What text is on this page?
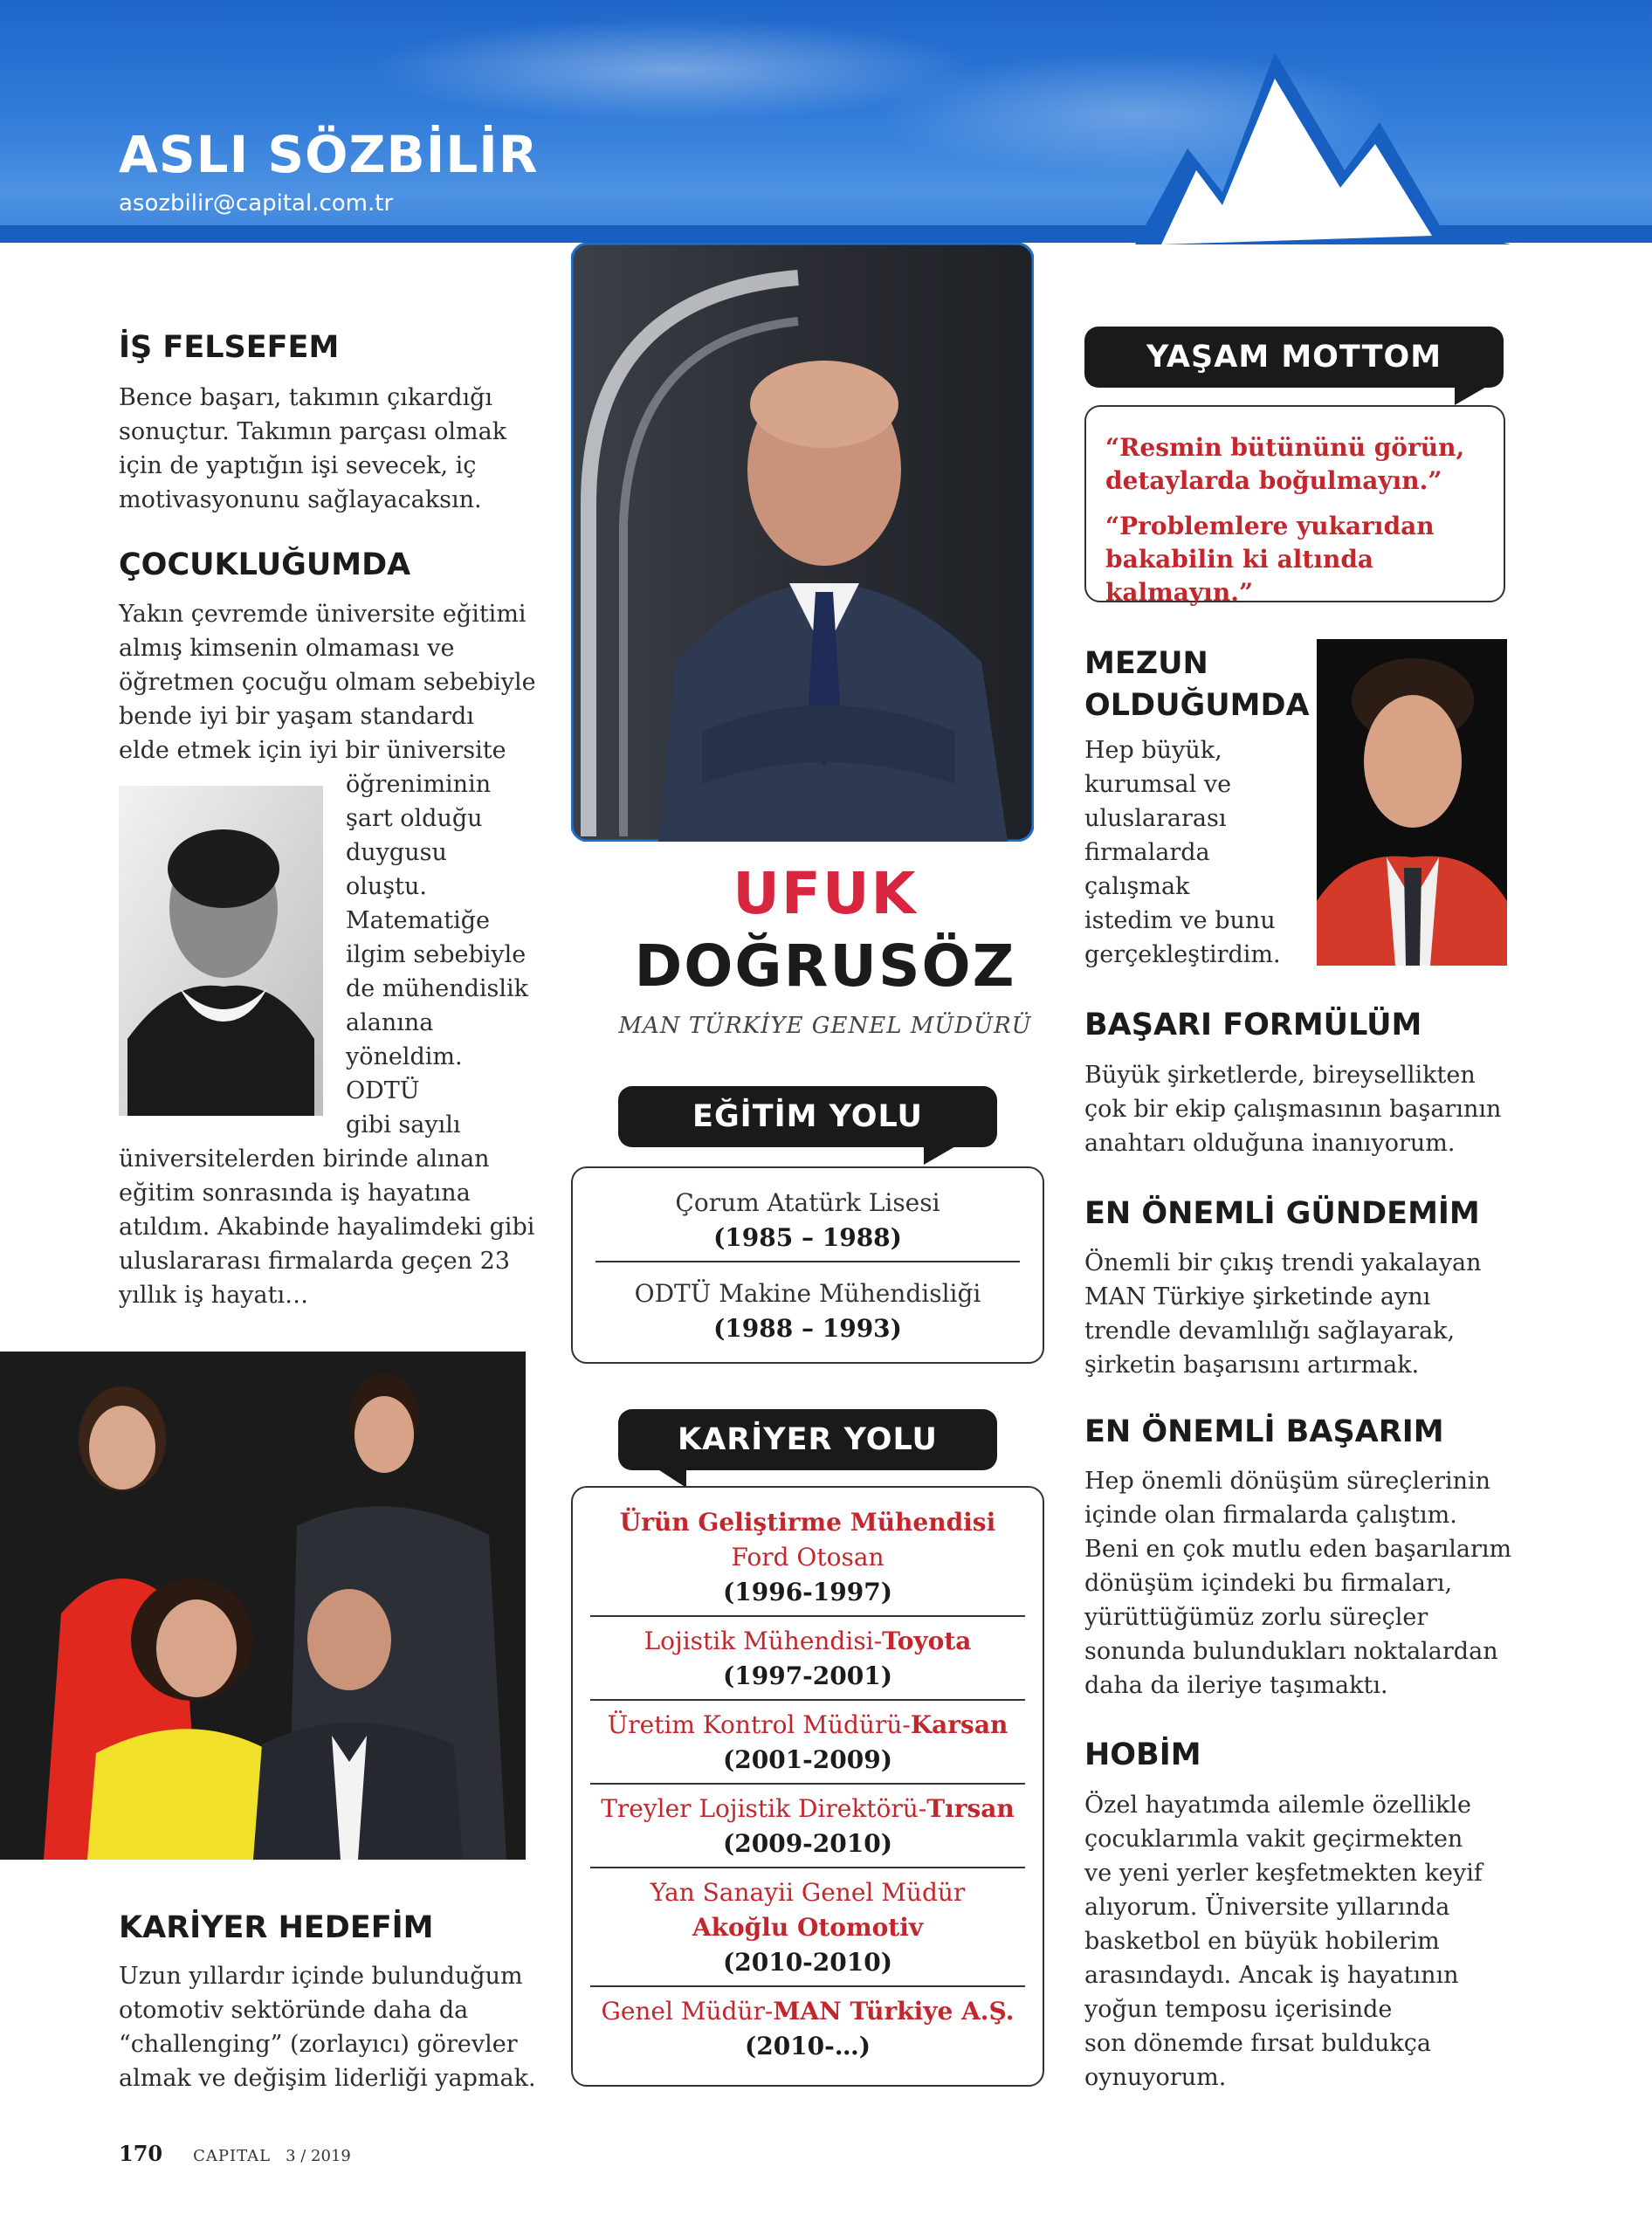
ASLI SÖZBİLİR
asozbilir@capital.com.tr
İŞ FELSEFEM
Bence başarı, takımın çıkardığı
sonuçtur. Takımın parçası olmak
için de yaptığın işi sevecek, iç
motivasyonunu sağlayacaksın.
ÇOCUKLUĞUMDA
Yakın çevremde üniversite eğitimi
almış kimsenin olmaması ve
öğretmen çocuğu olmam sebebiyle
bende iyi bir yaşam standardı
elde etmek için iyi bir üniversite
öğreniminin
şart olduğu
duygusu
oluştu.
Matematiğe
ilgim sebebiyle
de mühendislik
alanına
yöneldim.
ODTÜ
gibi sayılı
üniversitelerden birinde alınan
eğitim sonrasında iş hayatına
atıldım. Akabinde hayalimdeki gibi
uluslararası firmalarda geçen 23
yıllık iş hayatı…
KARİYER HEDEFİM
Uzun yıllardır içinde bulunduğum
otomotiv sektöründe daha da
“challenging” (zorlayıcı) görevler
almak ve değişim liderliği yapmak.
UFUK
DOĞRUSÖZ
MAN TÜRKİYE GENEL MÜDÜRÜ
EĞİTİM YOLU
Çorum Atatürk Lisesi
(1985 – 1988)
ODTÜ Makine Mühendisliği
(1988 – 1993)
KARİYER YOLU
Ürün Geliştirme Mühendisi
Ford Otosan
(1996-1997)
Lojistik Mühendisi-Toyota
(1997-2001)
Üretim Kontrol Müdürü-Karsan
(2001-2009)
Treyler Lojistik Direktörü-Tırsan
(2009-2010)
Yan Sanayii Genel Müdür
Akoğlu Otomotiv
(2010-2010)
Genel Müdür-MAN Türkiye A.Ş.
(2010-…)
YAŞAM MOTTOM
“Resmin bütününü görün,
detaylarda boğulmayın.”
“Problemlere yukarıdan
bakabilin ki altında kalmayın.”
MEZUN
OLDUĞUMDA
Hep büyük,
kurumsal ve
uluslararası
firmalarda
çalışmak
istedim ve bunu
gerçekleştirdim.
BAŞARI FORMÜLÜM
Büyük şirketlerde, bireysellikten
çok bir ekip çalışmasının başarının
anahtarı olduğuna inanıyorum.
EN ÖNEMLİ GÜNDEMİM
Önemli bir çıkış trendi yakalayan
MAN Türkiye şirketinde aynı
trendle devamlılığı sağlayarak,
şirketin başarısını artırmak.
EN ÖNEMLİ BAŞARIM
Hep önemli dönüşüm süreçlerinin
içinde olan firmalarda çalıştım.
Beni en çok mutlu eden başarılarım
dönüşüm içindeki bu firmaları,
yürüttüğümüz zorlu süreçler
sonunda bulundukları noktalardan
daha da ileriye taşımaktı.
HOBİM
Özel hayatımda ailemle özellikle
çocuklarımla vakit geçirmekten
ve yeni yerler keşfetmekten keyif
alıyorum. Üniversite yıllarında
basketbol en büyük hobilerim
arasındaydı. Ancak iş hayatının
yoğun temposu içerisinde
son dönemde fırsat buldukça
oynuyorum.
170 CAPITAL 3 / 2019
